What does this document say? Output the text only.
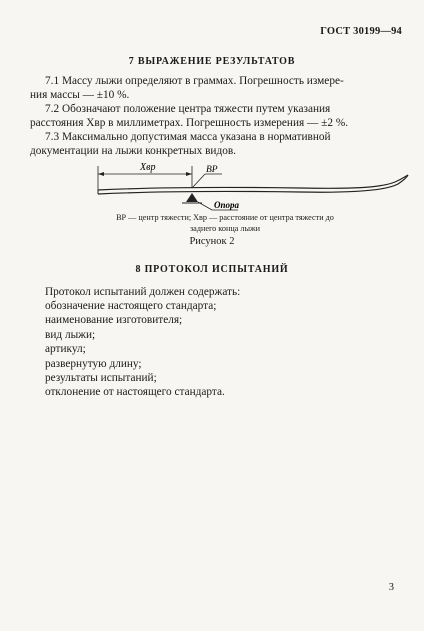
ГОСТ 30199—94
7 ВЫРАЖЕНИЕ РЕЗУЛЬТАТОВ
7.1 Массу лыжи определяют в граммах. Погрешность измере-
ния массы — ±10 %.
7.2 Обозначают положение центра тяжести путем указания
расстояния Xвр в миллиметрах. Погрешность измерения — ±2 %.
7.3 Максимально допустимая масса указана в нормативной
документации на лыжи конкретных видов.
Xвр	ВР
Опора
ВР — центр тяжести; Xвр — расстояние от центра тяжести до
заднего конца лыжи
Рисунок 2
8 ПРОТОКОЛ ИСПЫТАНИЙ
Протокол испытаний должен содержать:
обозначение настоящего стандарта;
наименование изготовителя;
вид лыжи;
артикул;
развернутую длину;
результаты испытаний;
отклонение от настоящего стандарта.
3
